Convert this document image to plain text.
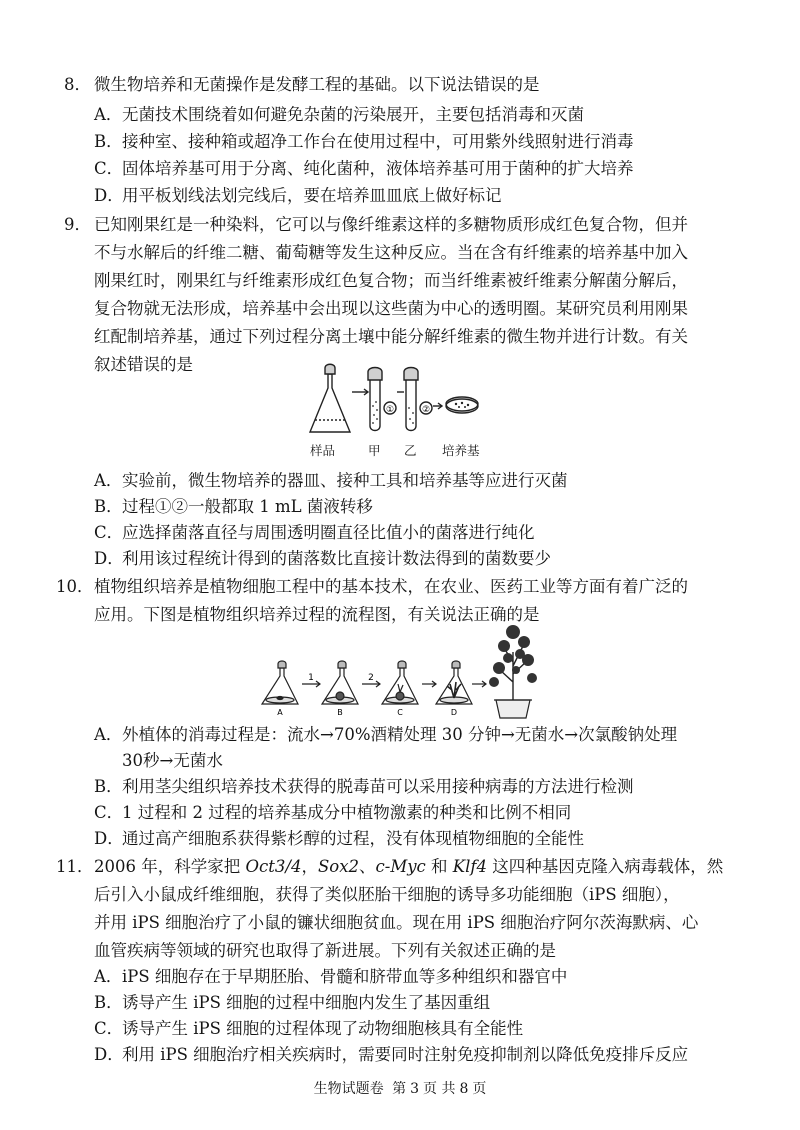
8． 微生物培养和无菌操作是发酵工程的基础。以下说法错误的是
A．无菌技术围绕着如何避免杂菌的污染展开，主要包括消毒和灭菌
B．接种室、接种箱或超净工作台在使用过程中，可用紫外线照射进行消毒
C．固体培养基可用于分离、纯化菌种，液体培养基可用于菌种的扩大培养
D．用平板划线法划完线后，要在培养皿皿底上做好标记
9． 已知刚果红是一种染料，它可以与像纤维素这样的多糖物质形成红色复合物，但并
不与水解后的纤维二糖、葡萄糖等发生这种反应。当在含有纤维素的培养基中加入
刚果红时，刚果红与纤维素形成红色复合物；而当纤维素被纤维素分解菌分解后，
复合物就无法形成，培养基中会出现以这些菌为中心的透明圈。某研究员利用刚果
红配制培养基，通过下列过程分离土壤中能分解纤维素的微生物并进行计数。有关
叙述错误的是
①	②
样品	甲 乙 培养基
A．实验前，微生物培养的器皿、接种工具和培养基等应进行灭菌
B．过程①②一般都取 1 mL 菌液转移
C．应选择菌落直径与周围透明圈直径比值小的菌落进行纯化
D．利用该过程统计得到的菌落数比直接计数法得到的菌数要少
10． 植物组织培养是植物细胞工程中的基本技术，在农业、医药工业等方面有着广泛的
应用。下图是植物组织培养过程的流程图，有关说法正确的是
1	2
A	B	C	D
A．外植体的消毒过程是：流水→70%酒精处理 30 分钟→无菌水→次氯酸钠处理
30秒→无菌水
B．利用茎尖组织培养技术获得的脱毒苗可以采用接种病毒的方法进行检测
C．1 过程和 2 过程的培养基成分中植物激素的种类和比例不相同
D．通过高产细胞系获得紫杉醇的过程，没有体现植物细胞的全能性
11． 2006 年，科学家把 Oct3/4，Sox2、c-Myc 和 Klf4 这四种基因克隆入病毒载体，然
后引入小鼠成纤维细胞，获得了类似胚胎干细胞的诱导多功能细胞（iPS 细胞），
并用 iPS 细胞治疗了小鼠的镰状细胞贫血。现在用 iPS 细胞治疗阿尔茨海默病、心
血管疾病等领域的研究也取得了新进展。下列有关叙述正确的是
A．iPS 细胞存在于早期胚胎、骨髓和脐带血等多种组织和器官中
B．诱导产生 iPS 细胞的过程中细胞内发生了基因重组
C．诱导产生 iPS 细胞的过程体现了动物细胞核具有全能性
D．利用 iPS 细胞治疗相关疾病时，需要同时注射免疫抑制剂以降低免疫排斥反应
生物试题卷 第 3 页 共 8 页
